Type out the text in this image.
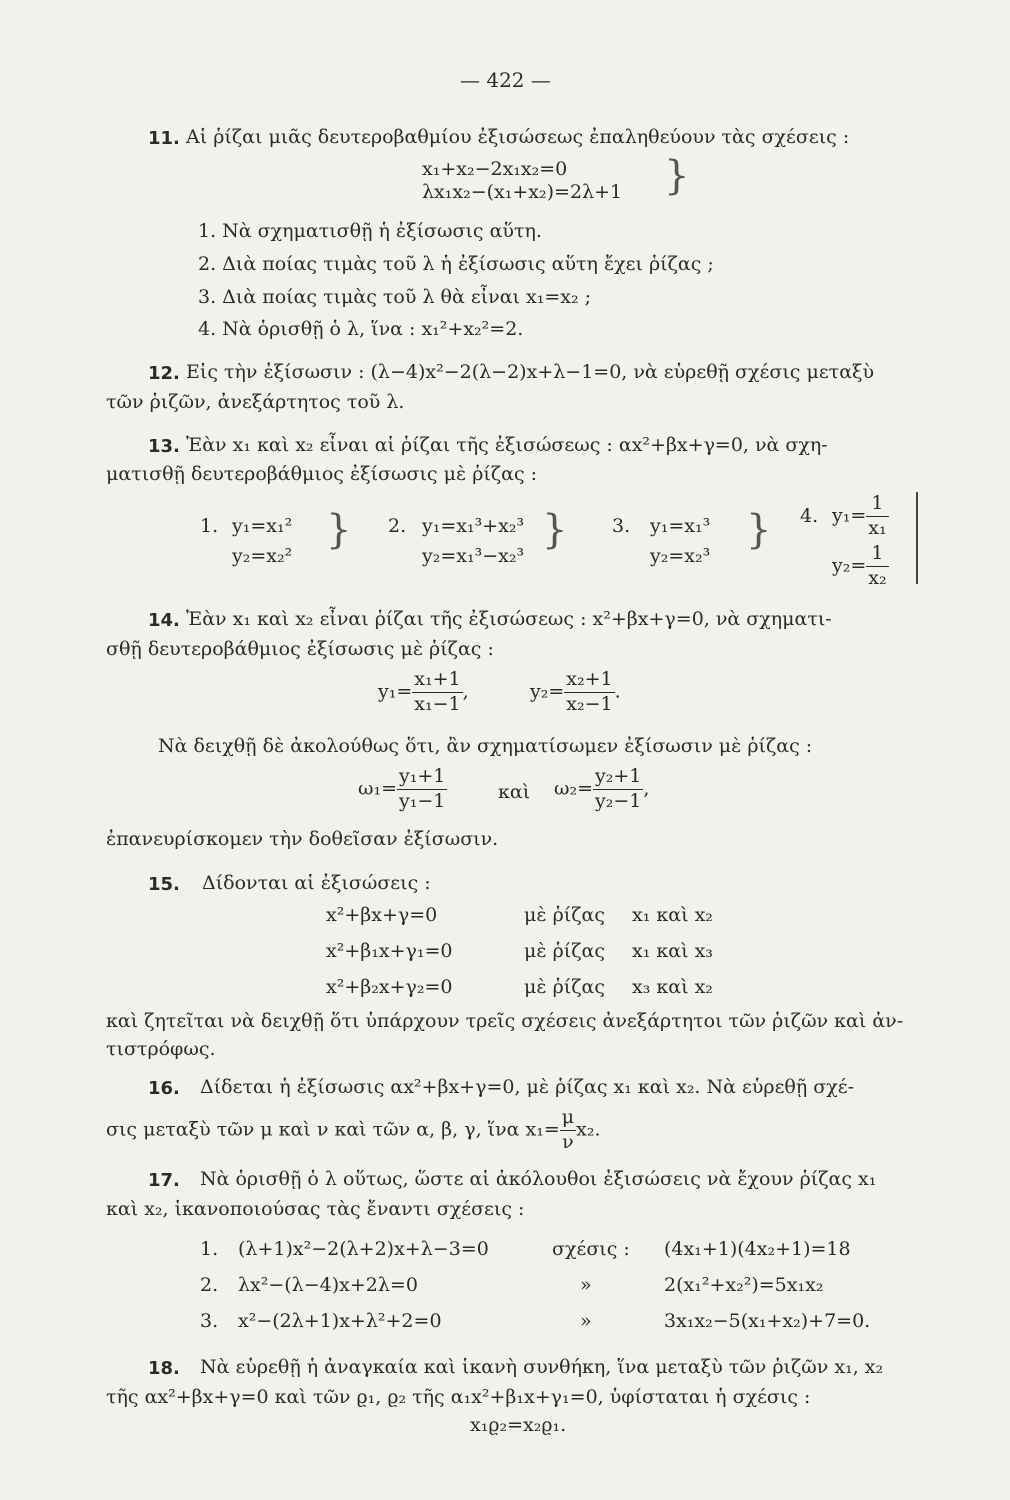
— 422 —
11. Αἱ ῥίζαι μιᾶς δευτεροβαθμίου ἐξισώσεως ἐπαληθεύουν τὰς σχέσεις :
x₁+x₂−2x₁x₂=0
λx₁x₂−(x₁+x₂)=2λ+1 }
1. Νὰ σχηματισθῇ ἡ ἐξίσωσις αὕτη.
2. Διὰ ποίας τιμὰς τοῦ λ ἡ ἐξίσωσις αὕτη ἔχει ῥίζας ;
3. Διὰ ποίας τιμὰς τοῦ λ θὰ εἶναι x₁=x₂ ;
4. Νὰ ὁρισθῇ ὁ λ, ἵνα : x₁²+x₂²=2.
12. Εἰς τὴν ἐξίσωσιν : (λ−4)x²−2(λ−2)x+λ−1=0, νὰ εὑρεθῇ σχέσις μεταξὺ
τῶν ῥιζῶν, ἀνεξάρτητος τοῦ λ.
13. Ἐὰν x₁ καὶ x₂ εἶναι αἱ ῥίζαι τῆς ἐξισώσεως : αx²+βx+γ=0, νὰ σχη-
ματισθῇ δευτεροβάθμιος ἐξίσωσις μὲ ῥίζας :
1. y₁=x₁²
y₂=x₂²
} 2. y₁=x₁³+x₂³
y₂=x₁³−x₂³
} 3. y₁=x₁³
y₂=x₂³
} 4. $y_1= \frac{1}{\text{x₁}}$
$y_2= \frac{1}{\text{x₂}}$
14. Ἐὰν x₁ καὶ x₂ εἶναι ῥίζαι τῆς ἐξισώσεως : x²+βx+γ=0, νὰ σχηματι-
σθῇ δευτεροβάθμιος ἐξίσωσις μὲ ῥίζας :
$y_1= \frac{\text{x₁+1}}{\text{x₁−1}}$ ,	$y_2= \frac{\text{x₂+1}}{\text{x₂−1}}$ .
Νὰ δειχθῇ δὲ ἀκολούθως ὅτι, ἂν σχηματίσωμεν ἐξίσωσιν μὲ ῥίζας :
$\omega_1= \frac{\text{y₁+1}}{\text{y₁−1}}$	καὶ $\omega_2= \frac{\text{y₂+1}}{\text{y₂−1}}$ ,
ἐπανευρίσκομεν τὴν δοθεῖσαν ἐξίσωσιν.
15. Δίδονται αἱ ἐξισώσεις :
x²+βx+γ=0	μὲ ῥίζας x₁ καὶ x₂
x²+β₁x+γ₁=0	μὲ ῥίζας x₁ καὶ x₃
x²+β₂x+γ₂=0	μὲ ῥίζας x₃ καὶ x₂
καὶ ζητεῖται νὰ δειχθῇ ὅτι ὑπάρχουν τρεῖς σχέσεις ἀνεξάρτητοι τῶν ῥιζῶν καὶ ἀν-
τιστρόφως.
16. Δίδεται ἡ ἐξίσωσις αx²+βx+γ=0, μὲ ῥίζας x₁ καὶ x₂. Νὰ εὑρεθῇ σχέ-
σις μεταξὺ τῶν μ καὶ ν καὶ τῶν α, β, γ, ἵνα $x_1= \frac{\mu}{\nu} x_2$.
17. Νὰ ὁρισθῇ ὁ λ οὕτως, ὥστε αἱ ἀκόλουθοι ἐξισώσεις νὰ ἔχουν ῥίζας x₁
καὶ x₂, ἱκανοποιούσας τὰς ἔναντι σχέσεις :
1. (λ+1)x²−2(λ+2)x+λ−3=0	σχέσις : (4x₁+1)(4x₂+1)=18
2. λx²−(λ−4)x+2λ=0	»	2(x₁²+x₂²)=5x₁x₂
3. x²−(2λ+1)x+λ²+2=0	»	3x₁x₂−5(x₁+x₂)+7=0.
18. Νὰ εὑρεθῇ ἡ ἀναγκαία καὶ ἱκανὴ συνθήκη, ἵνα μεταξὺ τῶν ῥιζῶν x₁, x₂
τῆς αx²+βx+γ=0 καὶ τῶν ϱ₁, ϱ₂ τῆς α₁x²+β₁x+γ₁=0, ὑφίσταται ἡ σχέσις :
x₁ϱ₂=x₂ϱ₁.
